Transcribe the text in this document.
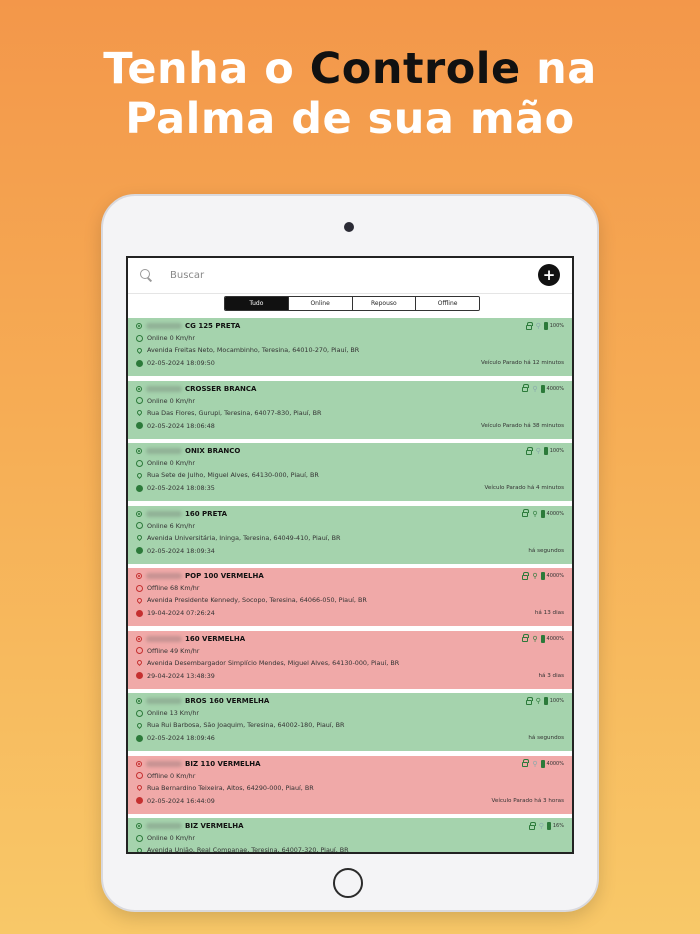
Tenha o Controle na
Palma de sua mão
Buscar
+
Tudo	Online	Repouso	Offline
CG 125 PRETA	⚲ 100%
Online 0 Km/hr
Avenida Freitas Neto, Mocambinho, Teresina, 64010-270, Piauí, BR
02-05-2024 18:09:50	Veículo Parado há 12 minutos
CROSSER BRANCA	⚲ 4000%
Online 0 Km/hr
Rua Das Flores, Gurupi, Teresina, 64077-830, Piauí, BR
02-05-2024 18:06:48	Veículo Parado há 38 minutos
ONIX BRANCO	⚲ 100%
Online 0 Km/hr
Rua Sete de Julho, Miguel Alves, 64130-000, Piauí, BR
02-05-2024 18:08:35	Veículo Parado há 4 minutos
160 PRETA	⚲ 4000%
Online 6 Km/hr
Avenida Universitária, Ininga, Teresina, 64049-410, Piauí, BR
02-05-2024 18:09:34	há segundos
POP 100 VERMELHA	⚲ 4000%
Offline 68 Km/hr
Avenida Presidente Kennedy, Socopo, Teresina, 64066-050, Piauí, BR
19-04-2024 07:26:24	há 13 dias
160 VERMELHA	⚲ 4000%
Offline 49 Km/hr
Avenida Desembargador Simplício Mendes, Miguel Alves, 64130-000, Piauí, BR
29-04-2024 13:48:39	há 3 dias
BROS 160 VERMELHA	⚲ 100%
Online 13 Km/hr
Rua Rui Barbosa, São Joaquim, Teresina, 64002-180, Piauí, BR
02-05-2024 18:09:46	há segundos
BIZ 110 VERMELHA	⚲ 4000%
Offline 0 Km/hr
Rua Bernardino Teixeira, Altos, 64290-000, Piauí, BR
02-05-2024 16:44:09	Veículo Parado há 3 horas
BIZ VERMELHA	⚲ 16%
Online 0 Km/hr
Avenida União, Real Companae, Teresina, 64007-320, Piauí, BR
